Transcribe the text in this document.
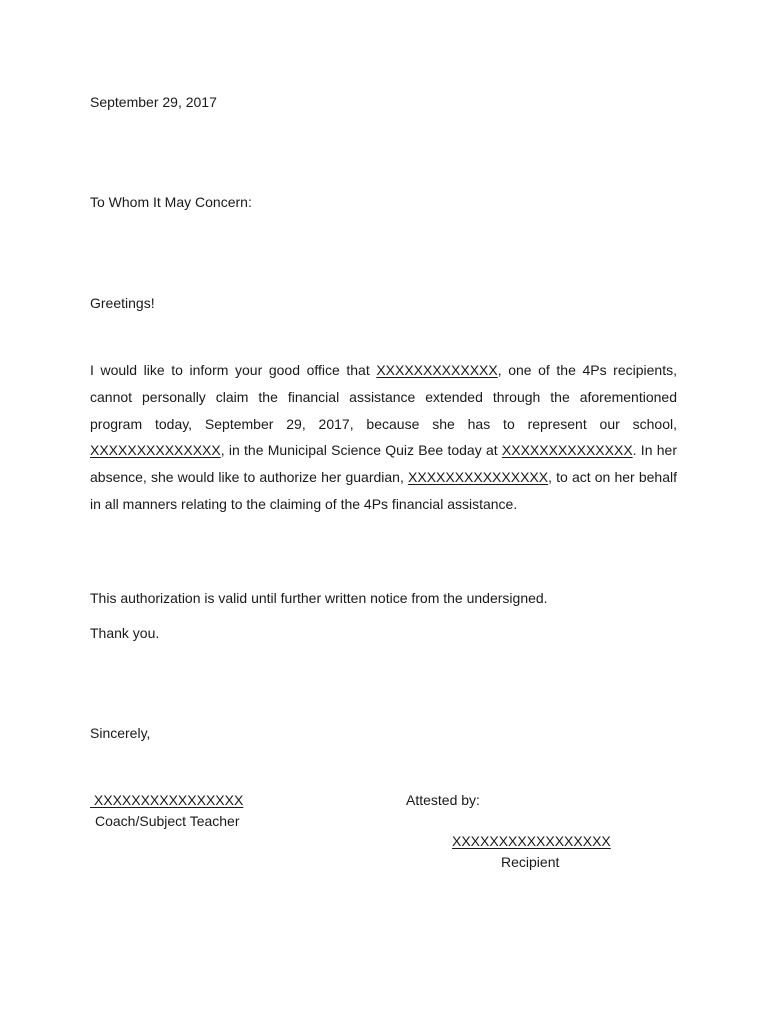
September 29, 2017
To Whom It May Concern:
Greetings!
I would like to inform your good office that XXXXXXXXXXXXX, one of the 4Ps recipients, cannot personally claim the financial assistance extended through the aforementioned program today, September 29, 2017, because she has to represent our school, XXXXXXXXXXXXXX, in the Municipal Science Quiz Bee today at XXXXXXXXXXXXXX. In her absence, she would like to authorize her guardian, XXXXXXXXXXXXXXX, to act on her behalf in all manners relating to the claiming of the 4Ps financial assistance.
This authorization is valid until further written notice from the undersigned.
Thank you.
Sincerely,
XXXXXXXXXXXXXXXX
Coach/Subject Teacher
Attested by:
XXXXXXXXXXXXXXXXX
Recipient
